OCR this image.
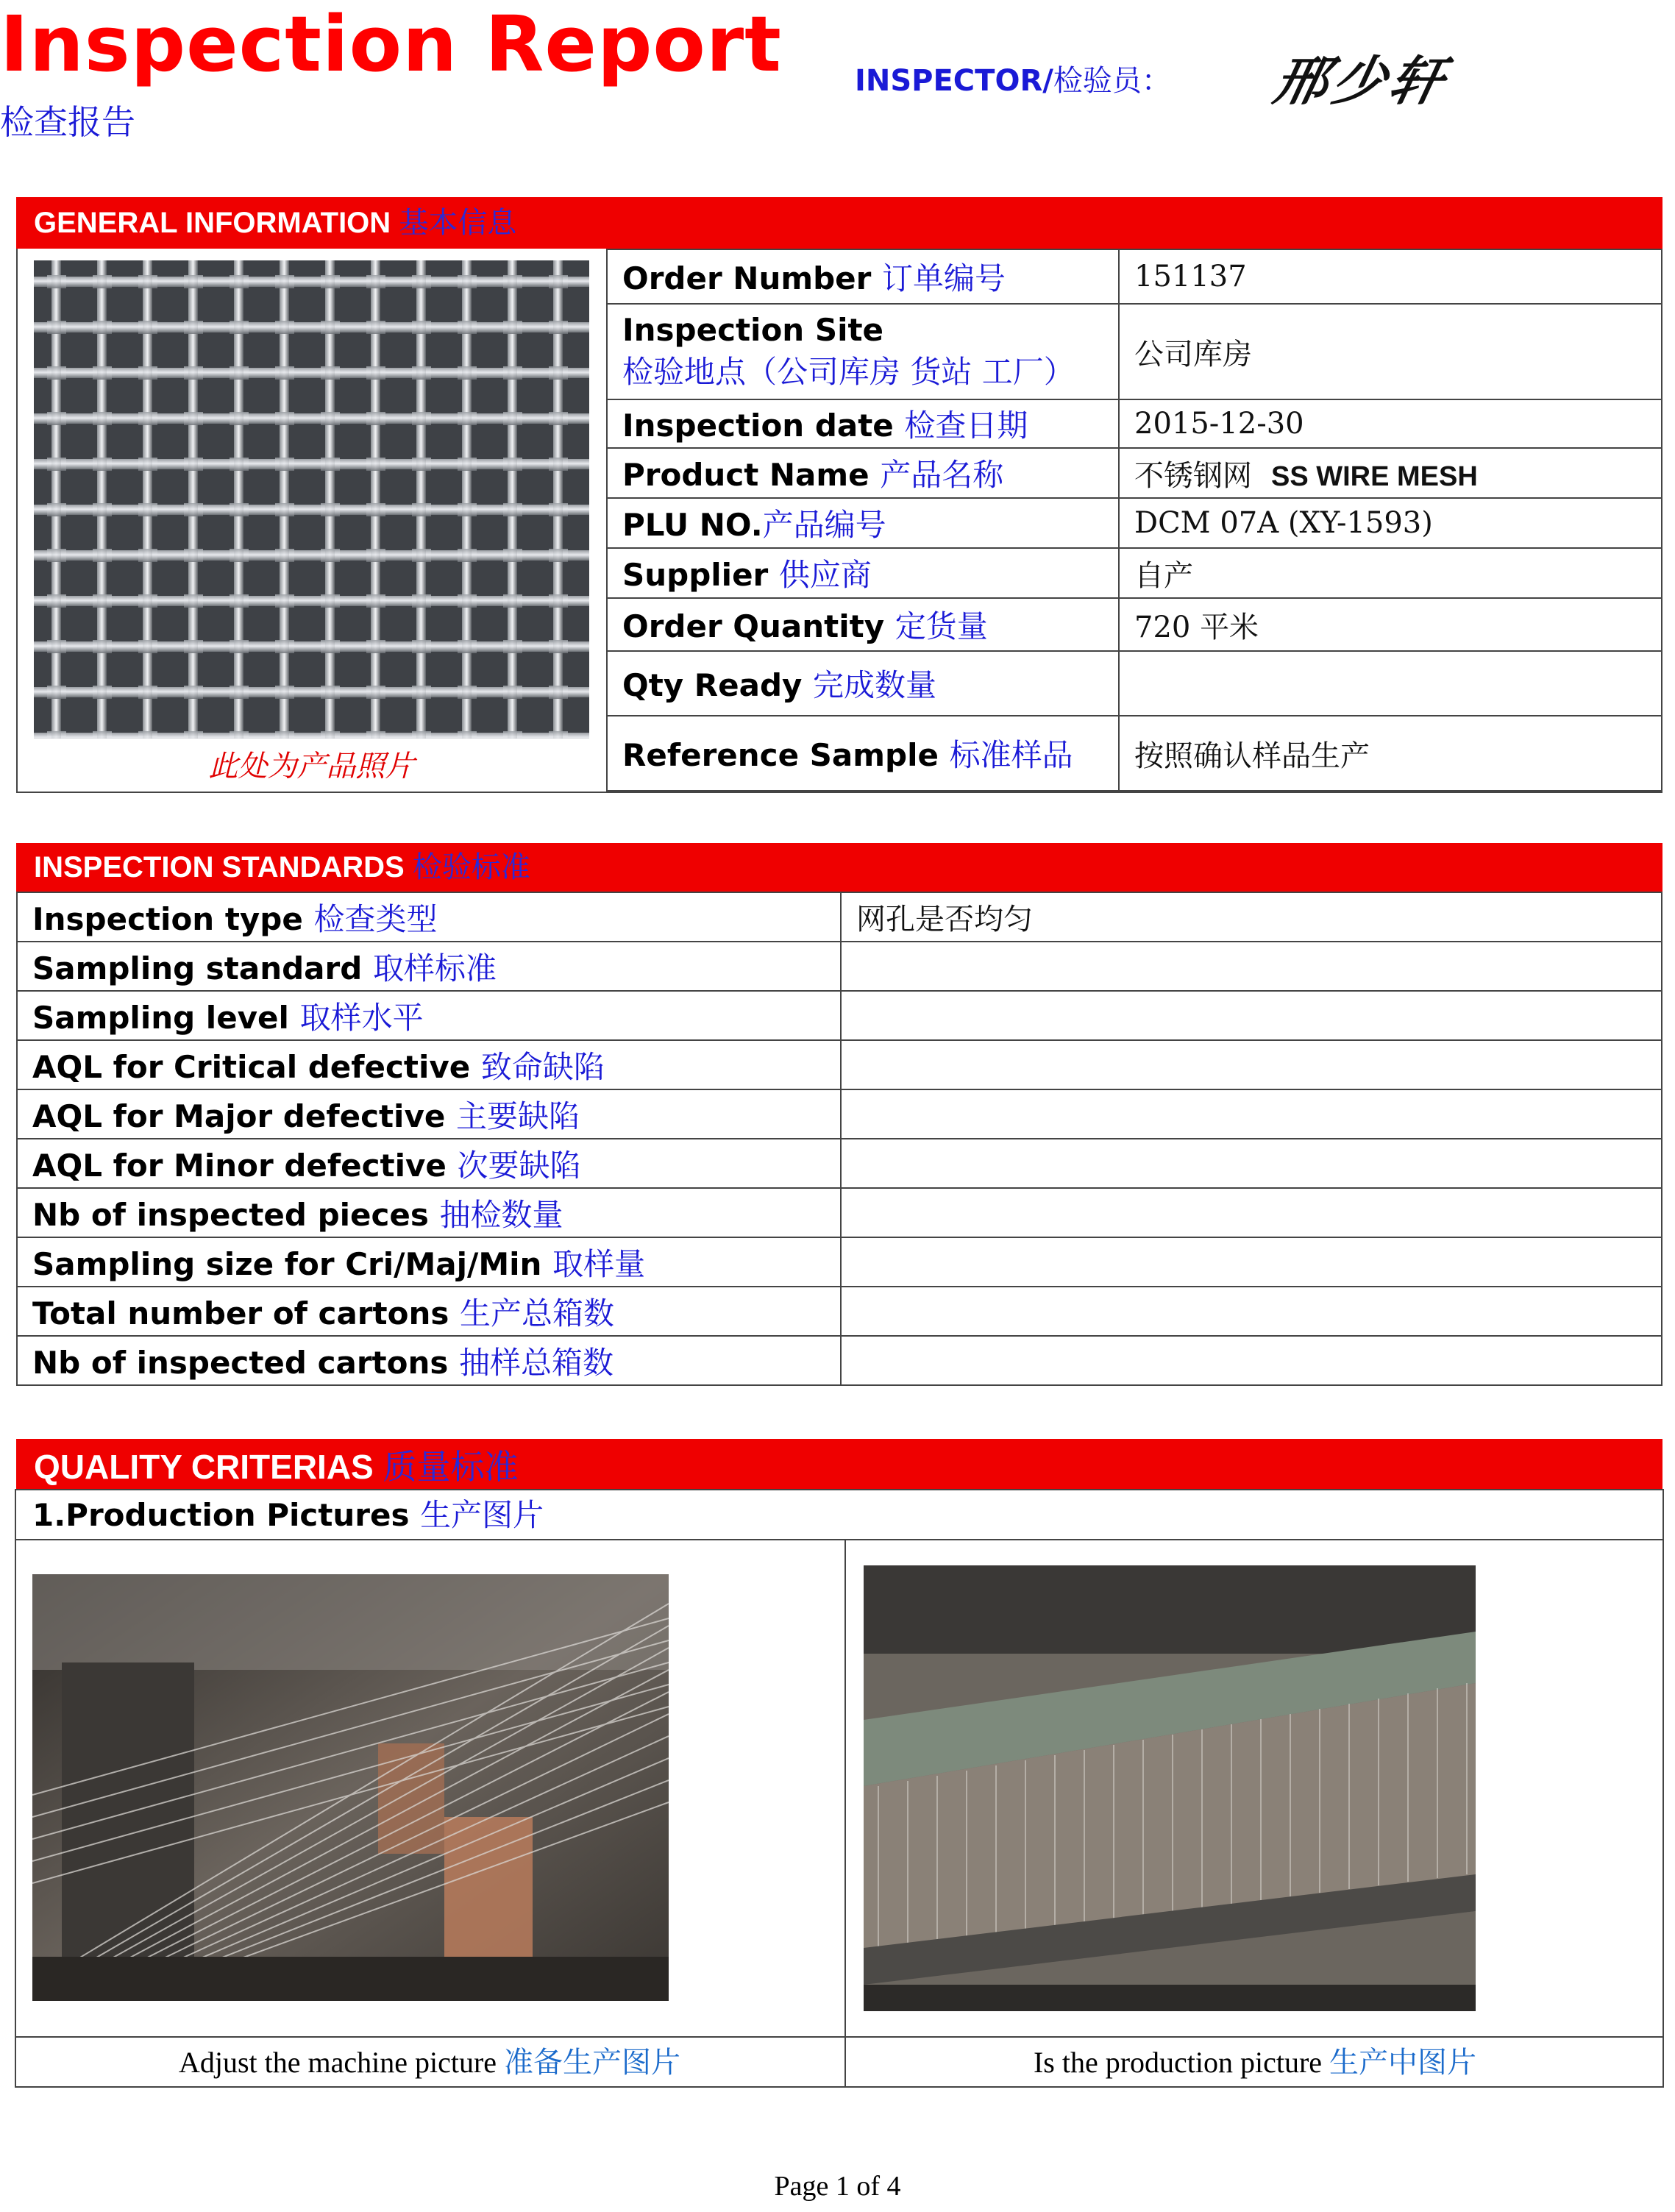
Inspection Report
检查报告
INSPECTOR/检验员： 邢少轩
GENERAL INFORMATION 基本信息
此处为产品照片
Order Number 订单编号	151137
Inspection Site
检验地点（公司库房 货站 工厂）	公司库房
Inspection date 检查日期	2015-12-30
Product Name 产品名称	不锈钢网 SS WIRE MESH
PLU NO.产品编号	DCM 07A (XY-1593)
Supplier 供应商	自产
Order Quantity 定货量	720 平米
Qty Ready 完成数量	
Reference Sample 标准样品	按照确认样品生产
INSPECTION STANDARDS 检验标准
Inspection type 检查类型	网孔是否均匀
Sampling standard 取样标准	
Sampling level 取样水平	
AQL for Critical defective 致命缺陷	
AQL for Major defective 主要缺陷	
AQL for Minor defective 次要缺陷	
Nb of inspected pieces 抽检数量	
Sampling size for Cri/Maj/Min 取样量	
Total number of cartons 生产总箱数	
Nb of inspected cartons 抽样总箱数	
QUALITY CRITERIAS 质量标准
1.Production Pictures 生产图片
Adjust the machine picture 准备生产图片	Is the production picture 生产中图片
Page 1 of 4
